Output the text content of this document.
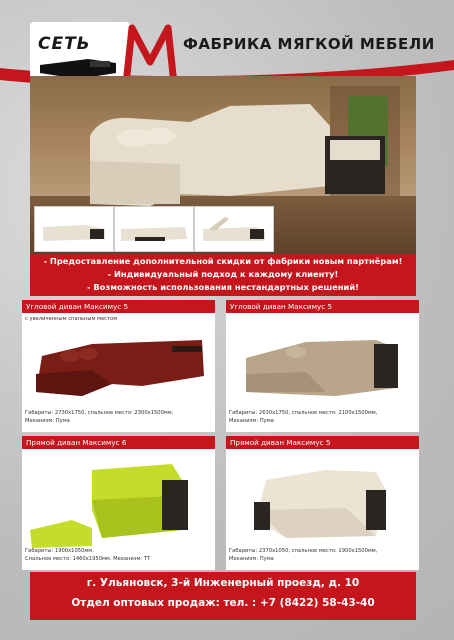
СЕТЬ	ФАБРИКА МЯГКОЙ МЕБЕЛИ
- Предоставление дополнительной скидки от фабрики новым партнёрам!
- Индивидуальный подход к каждому клиенту!
- Возможность использования нестандартных решений!
Угловой диван Максимус 5
с увеличенным спальным местом
Габариты: 2730х1750, спальное место: 2300х1500мм,
Механизм: Пума
Угловой диван Максимус 5
Габариты: 2630х1750, спальное место: 2100х1500мм,
Механизм: Пума
Прямой диван Максимус 6
Габариты: 1900х1050мм.
Спальное место: 1460х1950мм. Механизм: ТТ
Прямой диван Максимус 5
Габариты: 2370х1050, спальное место: 1900х1500мм,
Механизм: Пума
г. Ульяновск, 3-й Инженерный проезд, д. 10
Отдел оптовых продаж: тел. : +7 (8422) 58-43-40
